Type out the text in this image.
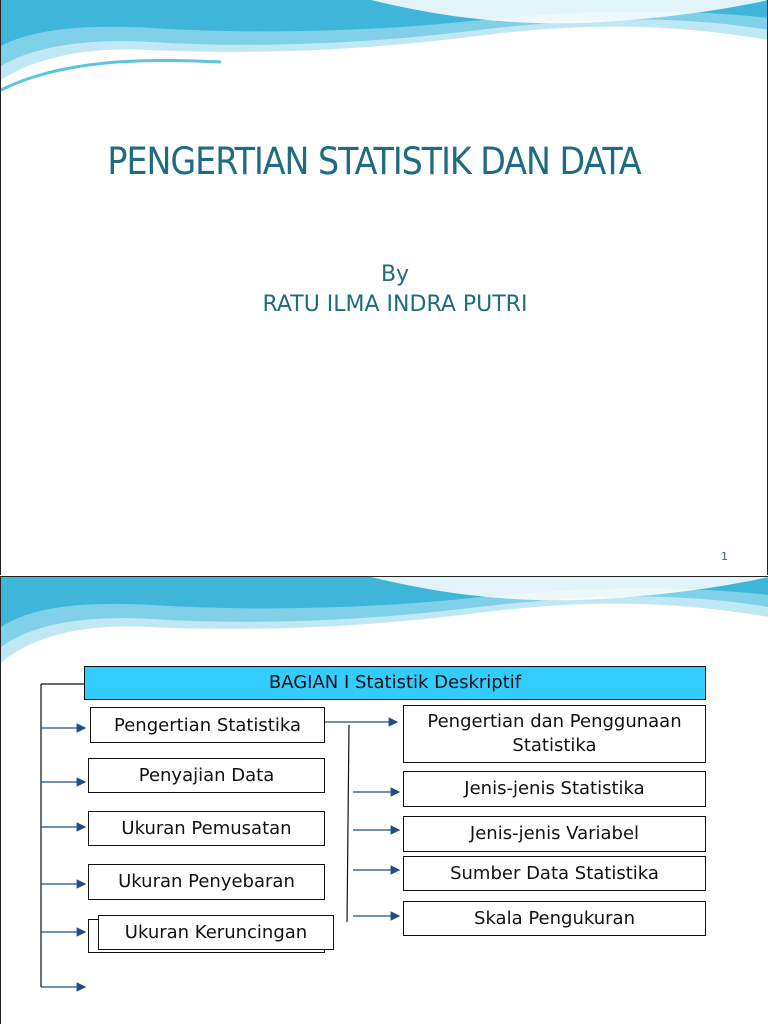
PENGERTIAN STATISTIK DAN DATA
By
RATU ILMA INDRA PUTRI
1
BAGIAN I Statistik Deskriptif
Pengertian Statistika
Penyajian Data
Ukuran Pemusatan
Ukuran Penyebaran
Ukuran Keruncingan
Pengertian dan Penggunaan Statistika
Jenis-jenis Statistika
Jenis-jenis Variabel
Sumber Data Statistika
Skala Pengukuran
